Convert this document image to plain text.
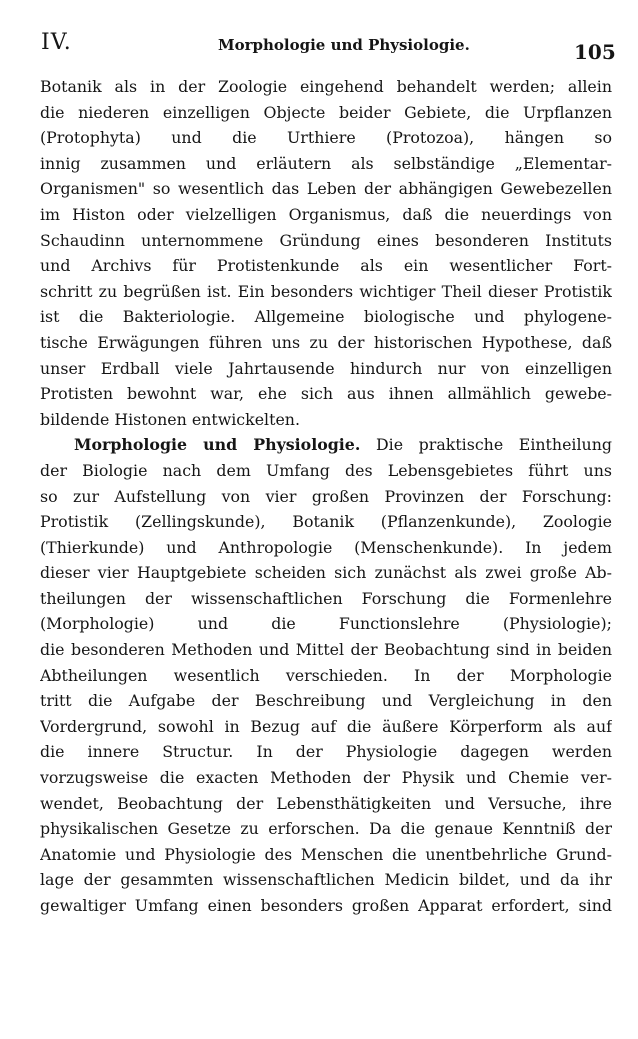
IV.	Morphologie und Physiologie.	105
Botanik als in der Zoologie eingehend behandelt werden; allein
die niederen einzelligen Objecte beider Gebiete, die Urpflanzen
(Protophyta) und die Urthiere (Protozoa), hängen so
innig zusammen und erläutern als selbständige „Elementar-
Organismen" so wesentlich das Leben der abhängigen Gewebezellen
im Histon oder vielzelligen Organismus, daß die neuerdings von
Schaudinn unternommene Gründung eines besonderen Instituts
und Archivs für Protistenkunde als ein wesentlicher Fort-
schritt zu begrüßen ist. Ein besonders wichtiger Theil dieser Protistik
ist die Bakteriologie. Allgemeine biologische und phylogene-
tische Erwägungen führen uns zu der historischen Hypothese, daß
unser Erdball viele Jahrtausende hindurch nur von einzelligen
Protisten bewohnt war, ehe sich aus ihnen allmählich gewebe-
bildende Histonen entwickelten.
Morphologie und Physiologie. Die praktische Eintheilung
der Biologie nach dem Umfang des Lebensgebietes führt uns
so zur Aufstellung von vier großen Provinzen der Forschung:
Protistik (Zellingskunde), Botanik (Pflanzenkunde), Zoologie
(Thierkunde) und Anthropologie (Menschenkunde). In jedem
dieser vier Hauptgebiete scheiden sich zunächst als zwei große Ab-
theilungen der wissenschaftlichen Forschung die Formenlehre
(Morphologie) und die Functionslehre (Physiologie);
die besonderen Methoden und Mittel der Beobachtung sind in beiden
Abtheilungen wesentlich verschieden. In der Morphologie
tritt die Aufgabe der Beschreibung und Vergleichung in den
Vordergrund, sowohl in Bezug auf die äußere Körperform als auf
die innere Structur. In der Physiologie dagegen werden
vorzugsweise die exacten Methoden der Physik und Chemie ver-
wendet, Beobachtung der Lebensthätigkeiten und Versuche, ihre
physikalischen Gesetze zu erforschen. Da die genaue Kenntniß der
Anatomie und Physiologie des Menschen die unentbehrliche Grund-
lage der gesammten wissenschaftlichen Medicin bildet, und da ihr
gewaltiger Umfang einen besonders großen Apparat erfordert, sind
